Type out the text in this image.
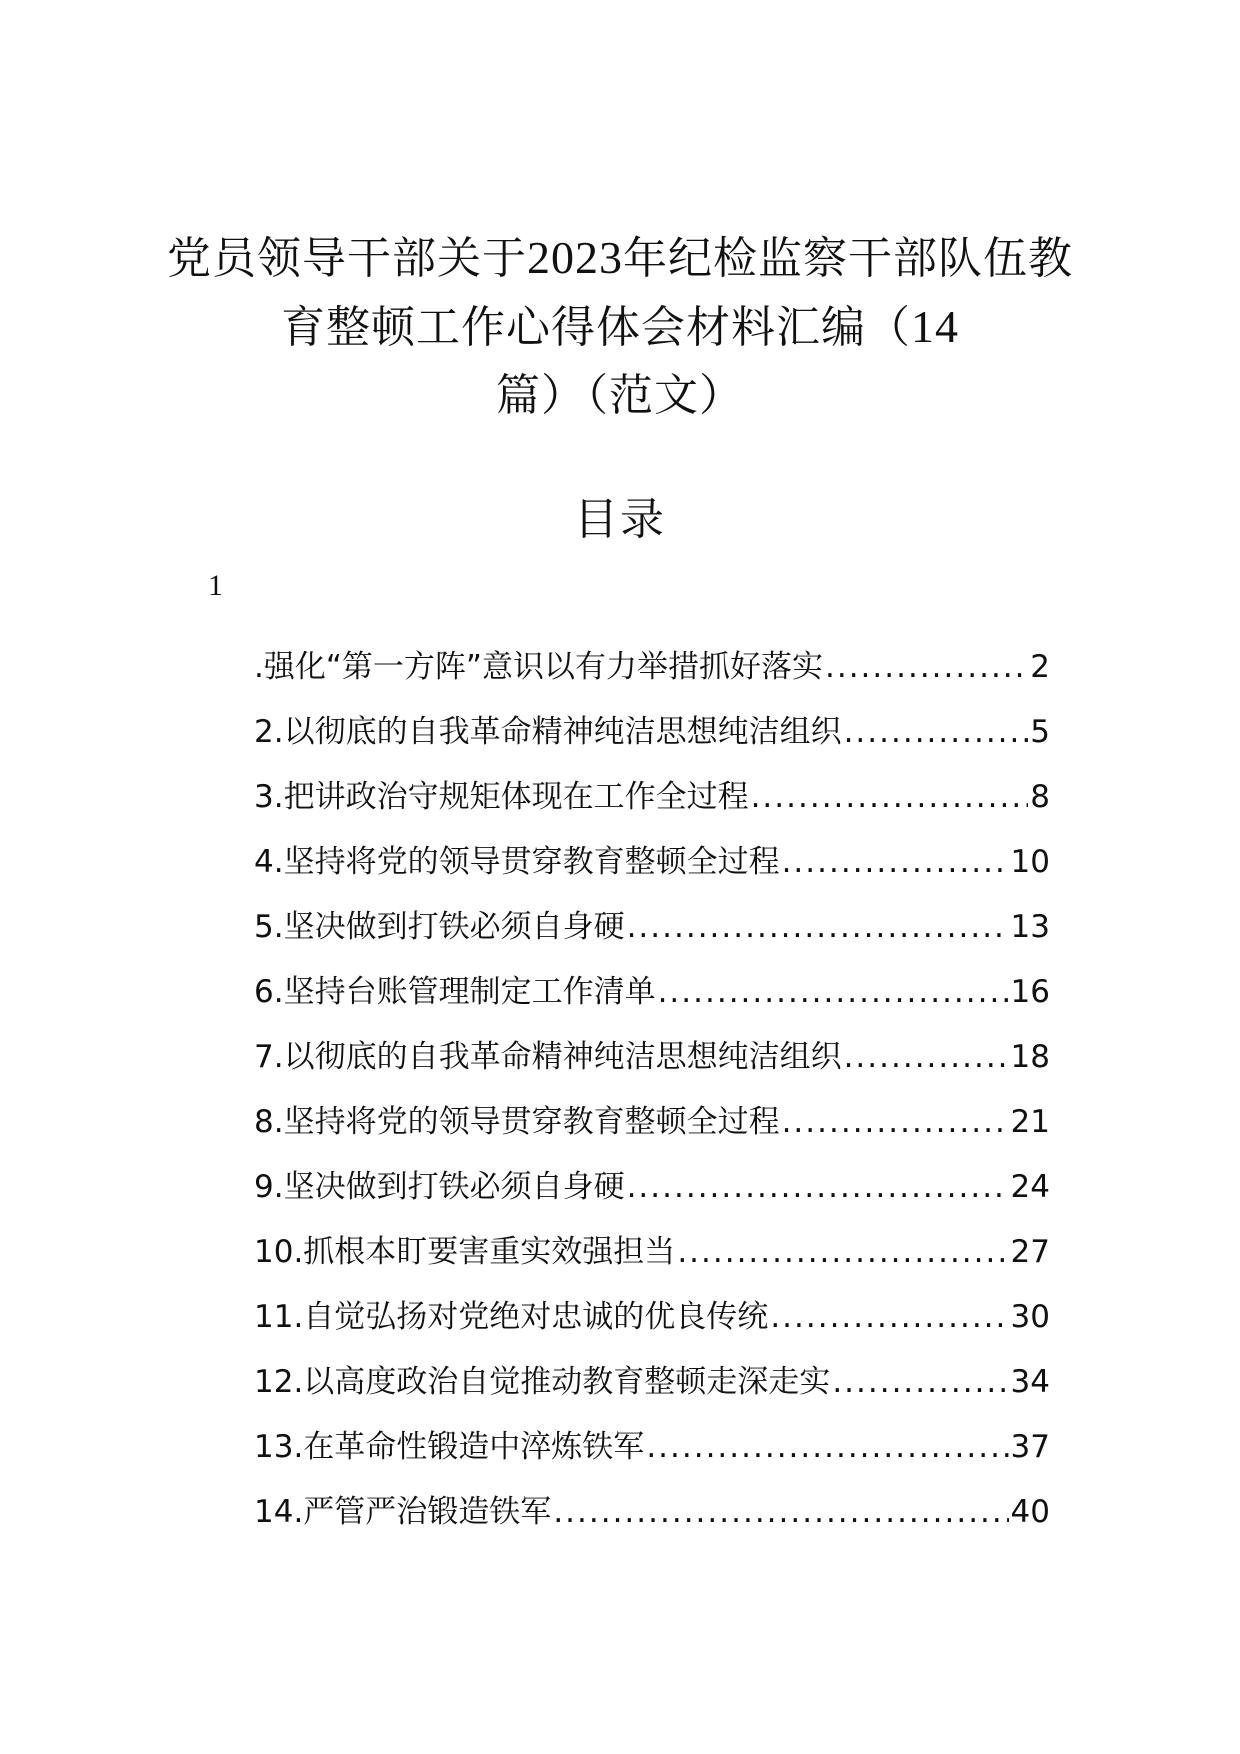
党员领导干部关于2023年纪检监察干部队伍教育整顿工作心得体会材料汇编（14篇）（范文）
目录
1
.强化“第一方阵”意识以有力举措抓好落实 .....	2
2.以彻底的自我革命精神纯洁思想纯洁组织 .....	5
3.把讲政治守规矩体现在工作全过程 .....	8
4.坚持将党的领导贯穿教育整顿全过程 .....	10
5.坚决做到打铁必须自身硬 .....	13
6.坚持台账管理制定工作清单 .....	16
7.以彻底的自我革命精神纯洁思想纯洁组织 .....	18
8.坚持将党的领导贯穿教育整顿全过程 .....	21
9.坚决做到打铁必须自身硬 .....	24
10.抓根本盯要害重实效强担当 .....	27
11.自觉弘扬对党绝对忠诚的优良传统 .....	30
12.以高度政治自觉推动教育整顿走深走实 .....	34
13.在革命性锻造中淬炼铁军 .....	37
14.严管严治锻造铁军 .....	40
